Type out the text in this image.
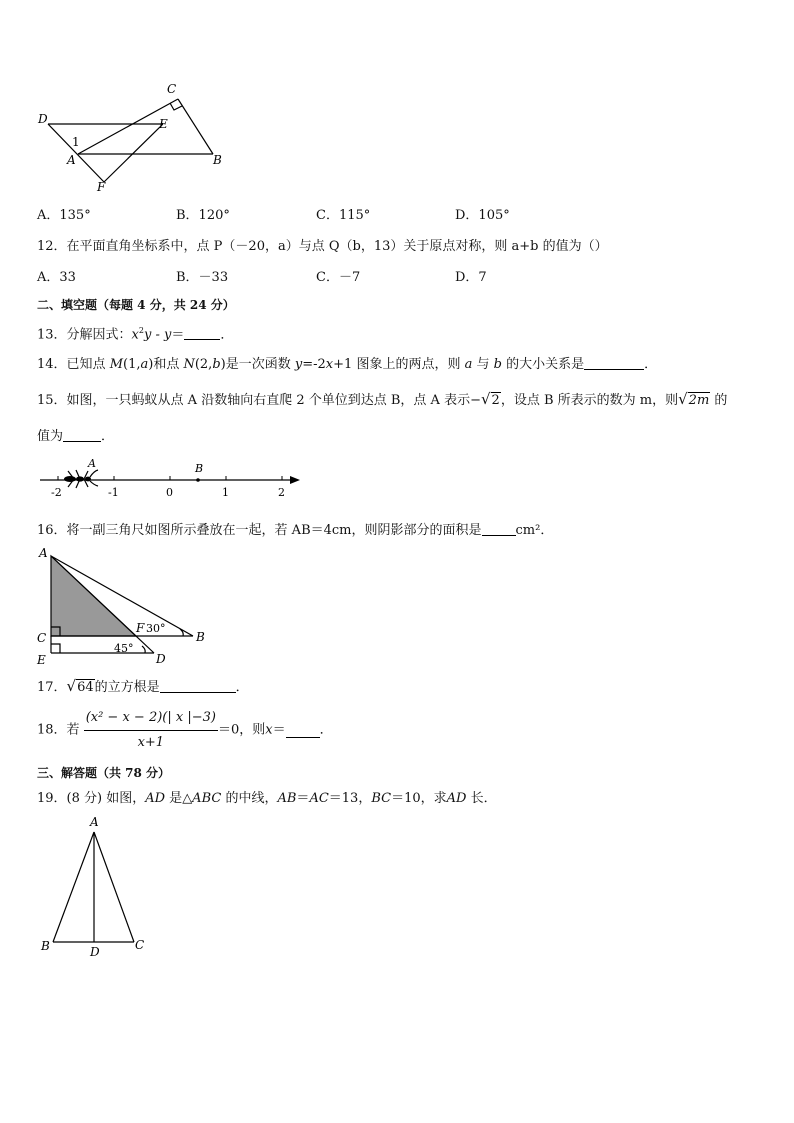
C
D	E
1
A	B
F
A．135°	B．120°	C．115°	D．105°
12．在平面直角坐标系中，点 P（－20，a）与点 Q（b，13）关于原点对称，则 a+b 的值为（）
A．33	B．－33	C．－7	D．7
二、填空题（每题 4 分，共 24 分）
13．分解因式：$x^2y - y=$	．
14．已知点 M(1,a)和点 N(2,b)是一次函数 y=-2x+1 图象上的两点，则 a 与 b 的大小关系是	．
15．如图，一只蚂蚁从点 A 沿数轴向右直爬 2 个单位到达点 B，点 A 表示−√2，设点 B 所表示的数为 m，则√2m 的
值为	．
A	B
-2	-1	0	1	2
16．将一副三角尺如图所示叠放在一起，若 AB＝4cm，则阴影部分的面积是	cm²．
A
C
E
F 30°
B
45°
D
17．√64的立方根是	．
18．若 $\frac{\text{(x² − x − 2)(| x |−3)}}{x+1} =0$，则x＝	．
三、解答题（共 78 分）
19．(8 分) 如图，AD 是△ABC 的中线，AB＝AC＝13，BC＝10，求AD 长．
A
B	C
D
